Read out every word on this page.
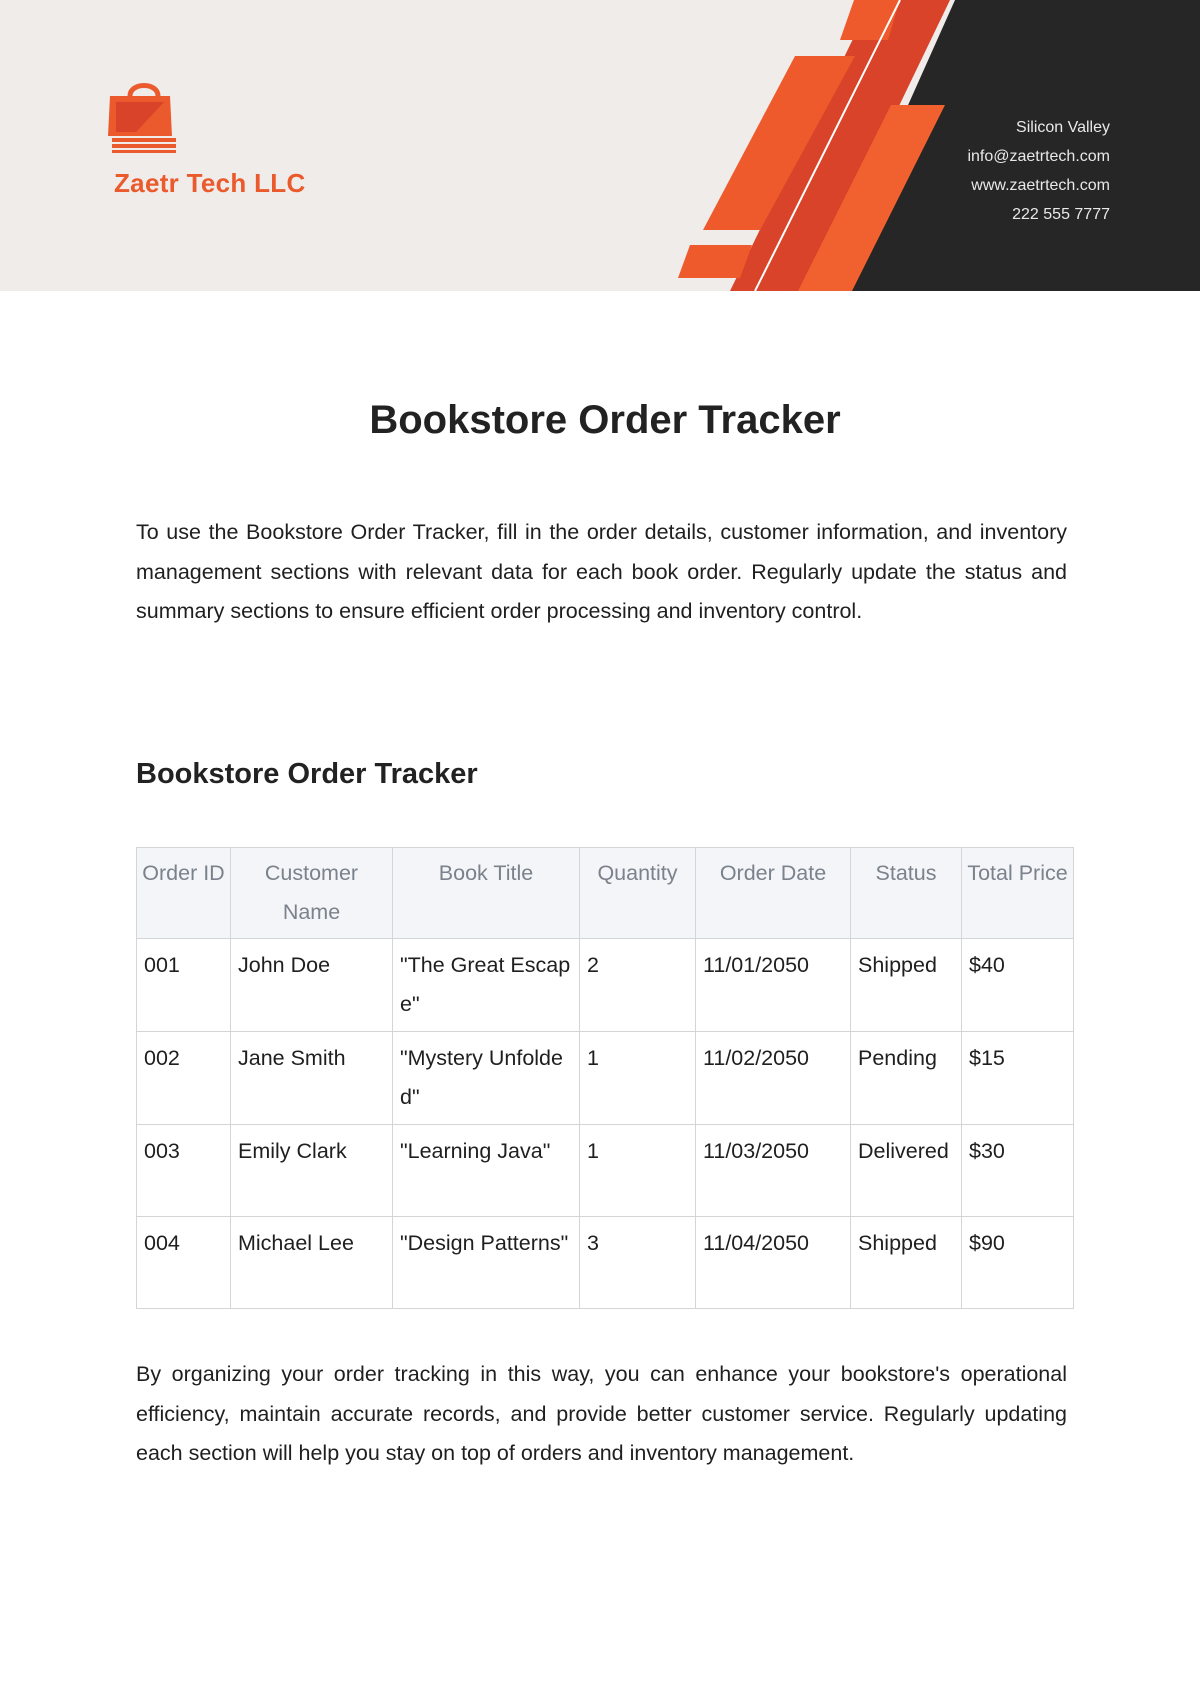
Zaetr Tech LLC
Silicon Valley
info@zaetrtech.com
www.zaetrtech.com
222 555 7777
Bookstore Order Tracker

To use the Bookstore Order Tracker, fill in the order details, customer information, and inventory management sections with relevant data for each book order. Regularly update the status and summary sections to ensure efficient order processing and inventory control.

Bookstore Order Tracker
Order ID	Customer Name	Book Title	Quantity	Order Date	Status	Total Price
001	John Doe	"The Great Escape"	2	11/01/2050	Shipped	$40
002	Jane Smith	"Mystery Unfolded"	1	11/02/2050	Pending	$15
003	Emily Clark	"Learning Java"	1	11/03/2050	Delivered	$30
004	Michael Lee	"Design Patterns"	3	11/04/2050	Shipped	$90

By organizing your order tracking in this way, you can enhance your bookstore's operational efficiency, maintain accurate records, and provide better customer service. Regularly updating each section will help you stay on top of orders and inventory management.
